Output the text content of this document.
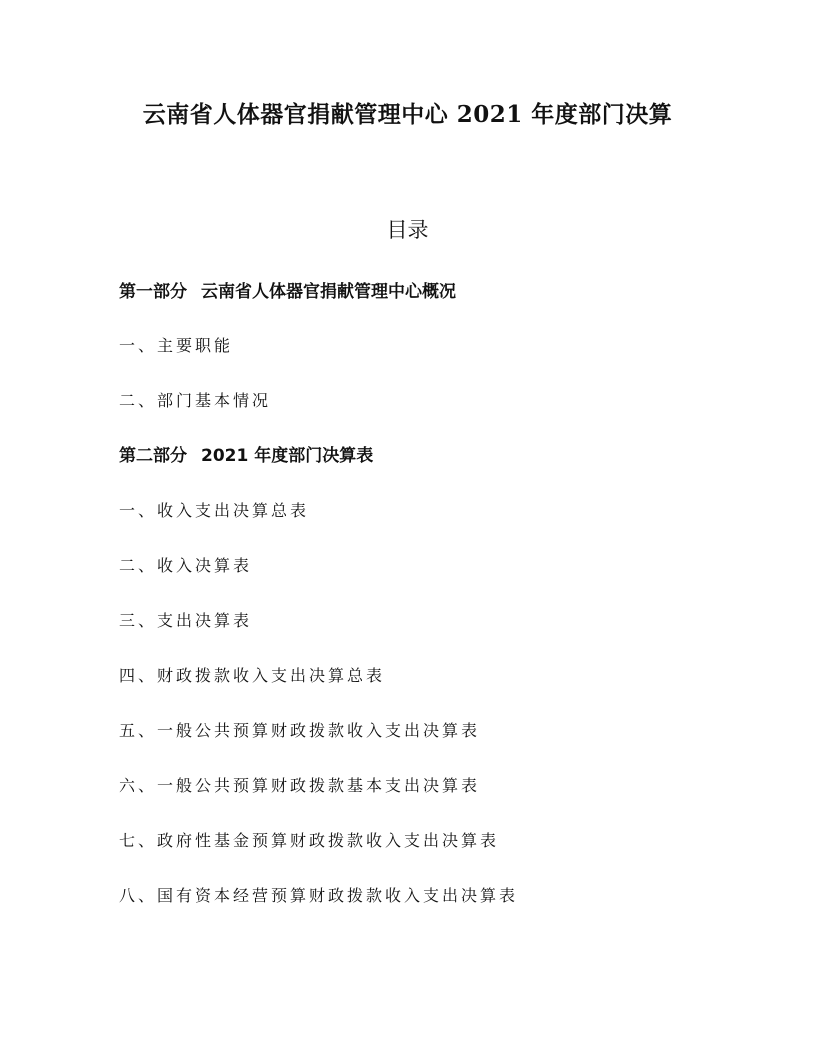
云南省人体器官捐献管理中心 2021 年度部门决算
目录
第一部分 云南省人体器官捐献管理中心概况
一、主要职能
二、部门基本情况
第二部分 2021 年度部门决算表
一、收入支出决算总表
二、收入决算表
三、支出决算表
四、财政拨款收入支出决算总表
五、一般公共预算财政拨款收入支出决算表
六、一般公共预算财政拨款基本支出决算表
七、政府性基金预算财政拨款收入支出决算表
八、国有资本经营预算财政拨款收入支出决算表
